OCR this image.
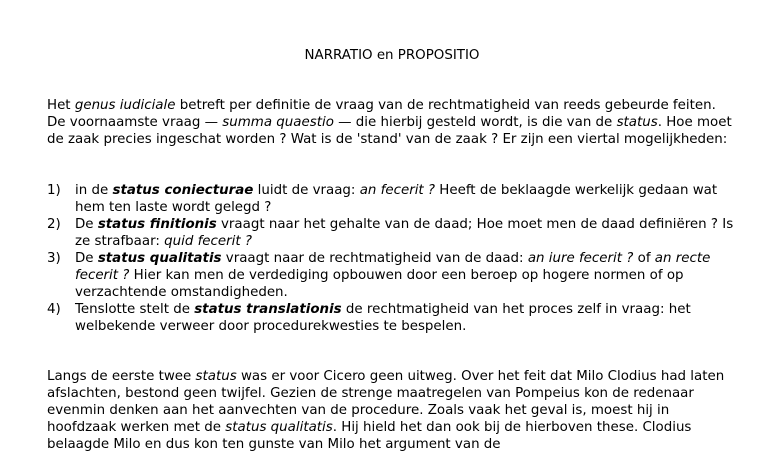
NARRATIO en PROPOSITIO

Het genus iudiciale betreft per definitie de vraag van de rechtmatigheid van reeds gebeurde feiten. De voornaamste vraag — summa quaestio — die hierbij gesteld wordt, is die van de status. Hoe moet de zaak precies ingeschat worden ? Wat is de 'stand' van de zaak ? Er zijn een viertal mogelijkheden:

1) in de status coniecturae luidt de vraag: an fecerit ? Heeft de beklaagde werkelijk gedaan wat hem ten laste wordt gelegd ?
2) De status finitionis vraagt naar het gehalte van de daad; Hoe moet men de daad definiëren ? Is ze strafbaar: quid fecerit ?
3) De status qualitatis vraagt naar de rechtmatigheid van de daad: an iure fecerit ? of an recte fecerit ? Hier kan men de verdediging opbouwen door een beroep op hogere normen of op verzachtende omstandigheden.
4) Tenslotte stelt de status translationis de rechtmatigheid van het proces zelf in vraag: het welbekende verweer door procedurekwesties te bespelen.

Langs de eerste twee status was er voor Cicero geen uitweg. Over het feit dat Milo Clodius had laten afslachten, bestond geen twijfel. Gezien de strenge maatregelen van Pompeius kon de redenaar evenmin denken aan het aanvechten van de procedure. Zoals vaak het geval is, moest hij in hoofdzaak werken met de status qualitatis. Hij hield het dan ook bij de hierboven these. Clodius belaagde Milo en dus kon ten gunste van Milo het argument van de
